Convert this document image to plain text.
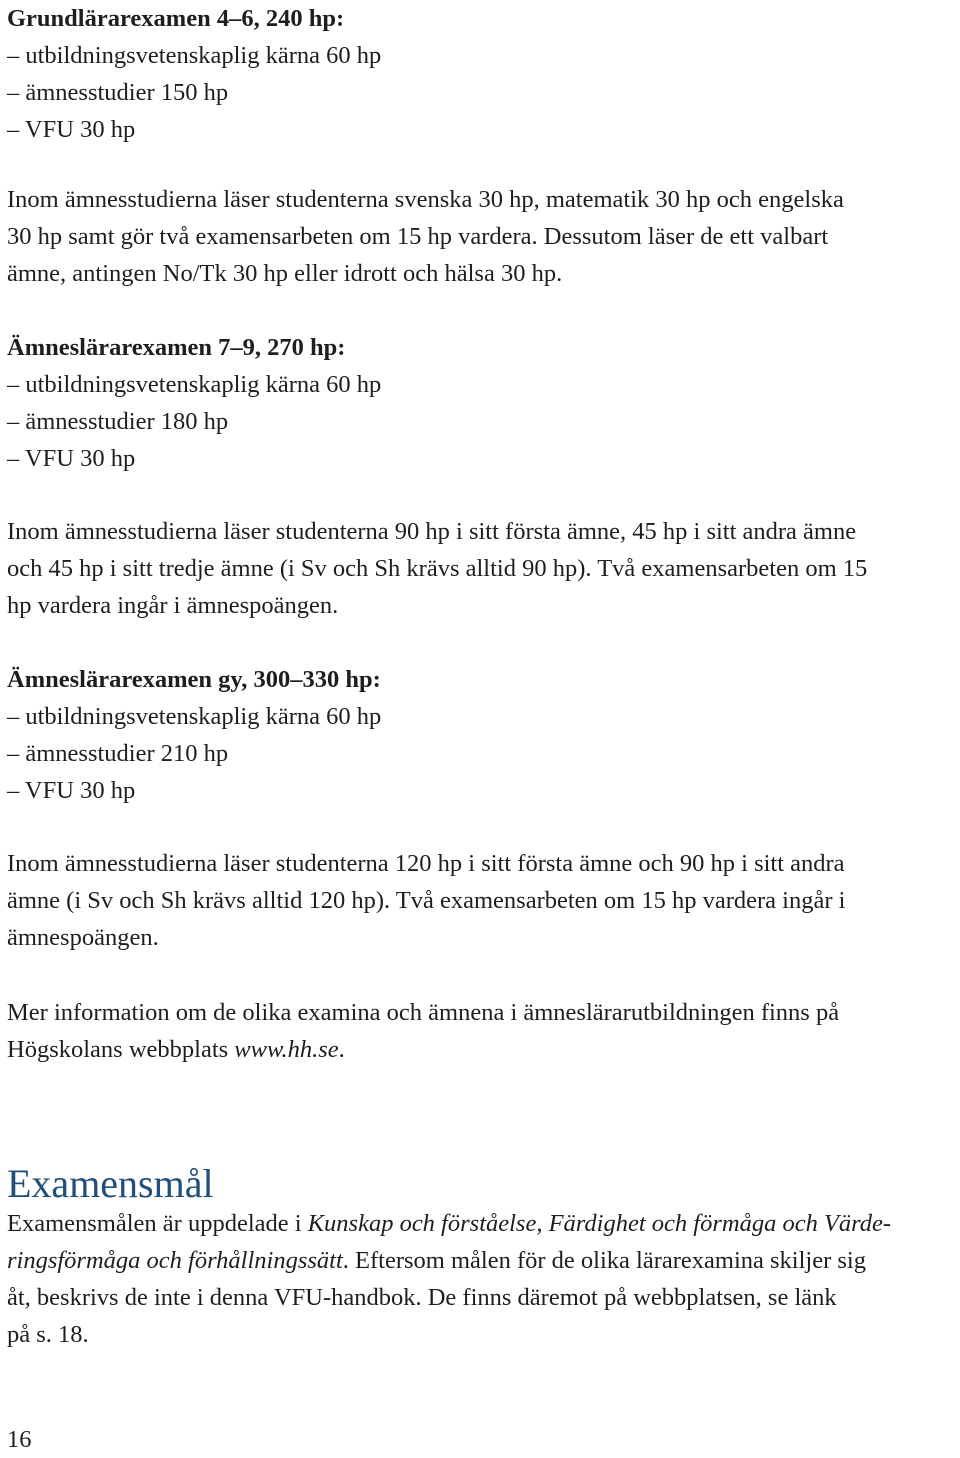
Grundlärarexamen 4–6, 240 hp:

– utbildningsvetenskaplig kärna 60 hp

– ämnesstudier 150 hp

– VFU 30 hp

Inom ämnesstudierna läser studenterna svenska 30 hp, matematik 30 hp och engelska

30 hp samt gör två examensarbeten om 15 hp vardera. Dessutom läser de ett valbart

ämne, antingen No/Tk 30 hp eller idrott och hälsa 30 hp.

Ämneslärarexamen 7–9, 270 hp:

– utbildningsvetenskaplig kärna 60 hp

– ämnesstudier 180 hp

– VFU 30 hp

Inom ämnesstudierna läser studenterna 90 hp i sitt första ämne, 45 hp i sitt andra ämne

och 45 hp i sitt tredje ämne (i Sv och Sh krävs alltid 90 hp). Två examensarbeten om 15

hp vardera ingår i ämnespoängen.

Ämneslärarexamen gy, 300–330 hp:

– utbildningsvetenskaplig kärna 60 hp

– ämnesstudier 210 hp

– VFU 30 hp

Inom ämnesstudierna läser studenterna 120 hp i sitt första ämne och 90 hp i sitt andra

ämne (i Sv och Sh krävs alltid 120 hp). Två examensarbeten om 15 hp vardera ingår i

ämnespoängen.

Mer information om de olika examina och ämnena i ämneslärarutbildningen finns på

Högskolans webbplats www.hh.se.

Examensmål

Examensmålen är uppdelade i Kunskap och förståelse, Färdighet och förmåga och Värde-

ringsförmåga och förhållningssätt. Eftersom målen för de olika lärarexamina skiljer sig

åt, beskrivs de inte i denna VFU-handbok. De finns däremot på webbplatsen, se länk

på s. 18.

16
